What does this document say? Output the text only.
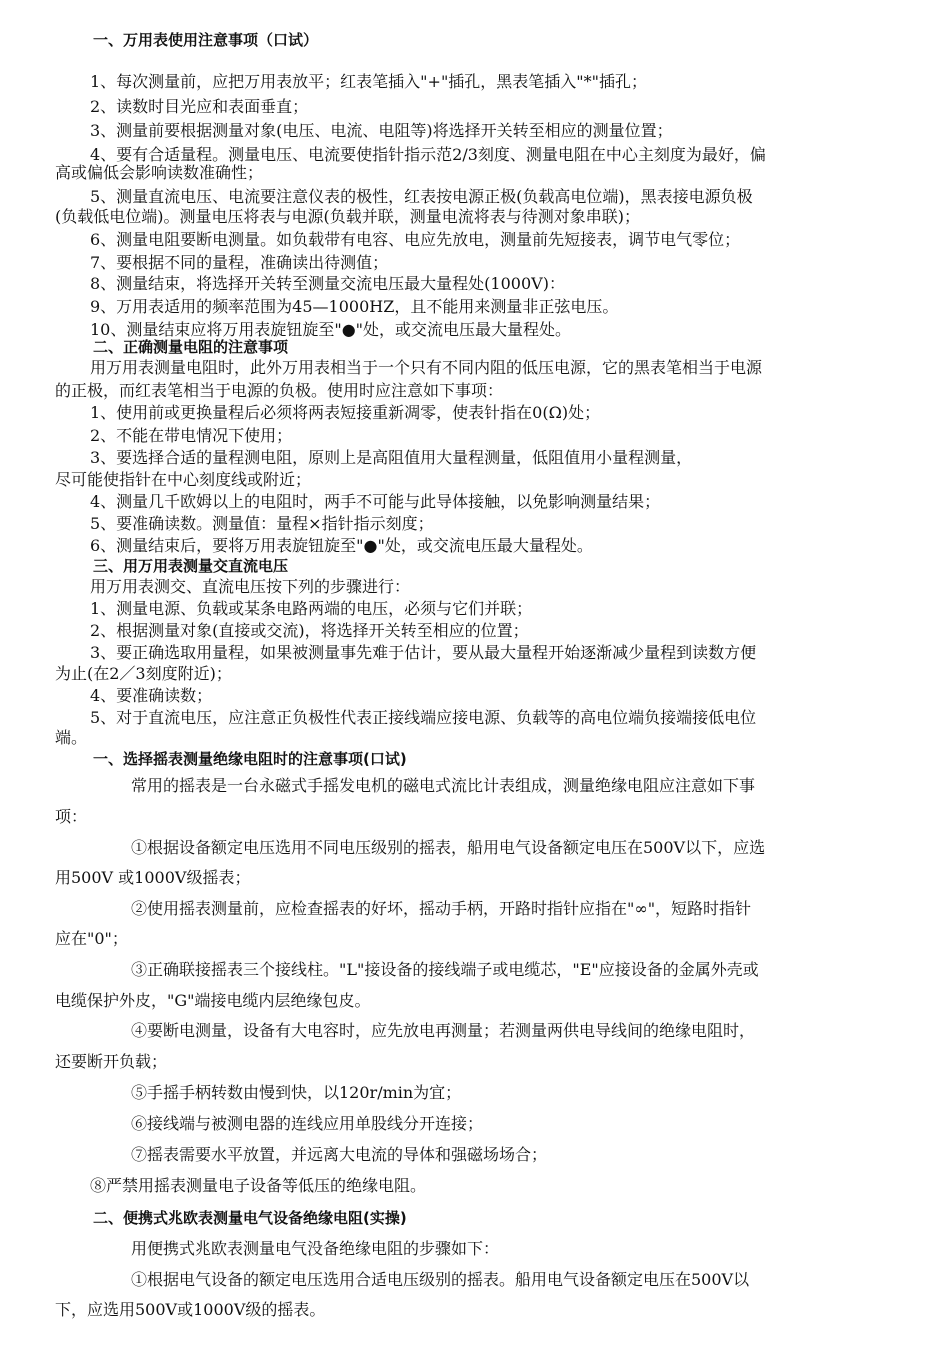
一、万用表使用注意事项（口试）
1、每次测量前，应把万用表放平；红表笔插入"+"插孔，黑表笔插入"*"插孔；
2、读数时目光应和表面垂直；
3、测量前要根据测量对象(电压、电流、电阻等)将选择开关转至相应的测量位置；
4、要有合适量程。测量电压、电流要使指针指示范2/3刻度、测量电阻在中心主刻度为最好，偏
高或偏低会影响读数准确性；
5、测量直流电压、电流要注意仪表的极性，红表按电源正极(负载高电位端)，黑表接电源负极
(负载低电位端)。测量电压将表与电源(负载并联，测量电流将表与待测对象串联)；
6、测量电阻要断电测量。如负载带有电容、电应先放电，测量前先短接表，调节电气零位；
7、要根据不同的量程，准确读出待测值；
8、测量结束，将选择开关转至测量交流电压最大量程处(1000V)：
9、万用表适用的频率范围为45—1000HZ，且不能用来测量非正弦电压。
10、测量结束应将万用表旋钮旋至"●"处，或交流电压最大量程处。
二、正确测量电阻的注意事项
用万用表测量电阻时，此外万用表相当于一个只有不同内阻的低压电源，它的黑表笔相当于电源
的正极，而红表笔相当于电源的负极。使用时应注意如下事项：
1、使用前或更换量程后必须将两表短接重新凋零，使表针指在0(Ω)处；
2、不能在带电情况下使用；
3、要选择合适的量程测电阻，原则上是高阻值用大量程测量，低阻值用小量程测量，
尽可能使指针在中心刻度线或附近；
4、测量几千欧姆以上的电阻时，两手不可能与此导体接触，以免影响测量结果；
5、要准确读数。测量值：量程×指针指示刻度；
6、测量结束后，要将万用表旋钮旋至"●"处，或交流电压最大量程处。
三、用万用表测量交直流电压
用万用表测交、直流电压按下列的步骤进行：
1、测量电源、负载或某条电路两端的电压，必须与它们并联；
2、根据测量对象(直接或交流)，将选择开关转至相应的位置；
3、要正确选取用量程，如果被测量事先难于估计，要从最大量程开始逐渐减少量程到读数方便
为止(在2／3刻度附近)；
4、要准确读数；
5、对于直流电压，应注意正负极性代表正接线端应接电源、负载等的高电位端负接端接低电位
端。
一、选择摇表测量绝缘电阻时的注意事项(口试)
常用的摇表是一台永磁式手摇发电机的磁电式流比计表组成，测量绝缘电阻应注意如下事
项：
①根据设备额定电压选用不同电压级别的摇表，船用电气设备额定电压在500V以下，应选
用500V 或1000V级摇表；
②使用摇表测量前，应检查摇表的好坏，摇动手柄，开路时指针应指在"∞"，短路时指针
应在"0"；
③正确联接摇表三个接线柱。"L"接设备的接线端子或电缆芯，"E"应接设备的金属外壳或
电缆保护外皮，"G"端接电缆内层绝缘包皮。
④要断电测量，设备有大电容时，应先放电再测量；若测量两供电导线间的绝缘电阻时，
还要断开负载；
⑤手摇手柄转数由慢到快，以120r/min为宜；
⑥接线端与被测电器的连线应用单股线分开连接；
⑦摇表需要水平放置，并远离大电流的导体和强磁场场合；
⑧严禁用摇表测量电子设备等低压的绝缘电阻。
二、便携式兆欧表测量电气设备绝缘电阻(实操)
用便携式兆欧表测量电气没备绝缘电阻的步骤如下：
①根据电气设备的额定电压选用合适电压级别的摇表。船用电气设备额定电压在500V以
下，应选用500V或1000V级的摇表。
